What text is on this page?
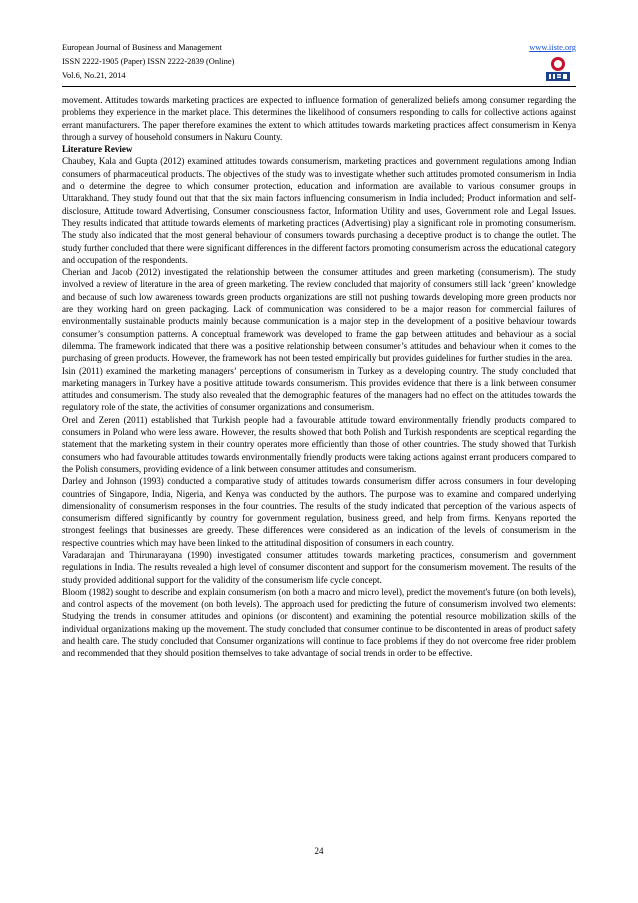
European Journal of Business and Management
ISSN 2222-1905 (Paper) ISSN 2222-2839 (Online)
Vol.6, No.21, 2014
www.iiste.org

movement. Attitudes towards marketing practices are expected to influence formation of generalized beliefs among consumer regarding the problems they experience in the market place. This determines the likelihood of consumers responding to calls for collective actions against errant manufacturers. The paper therefore examines the extent to which attitudes towards marketing practices affect consumerism in Kenya through a survey of household consumers in Nakuru County.

Literature Review

Chaubey, Kala and Gupta (2012) examined attitudes towards consumerism, marketing practices and government regulations among Indian consumers of pharmaceutical products. The objectives of the study was to investigate whether such attitudes promoted consumerism in India and o determine the degree to which consumer protection, education and information are available to various consumer groups in Uttarakhand. They study found out that that the six main factors influencing consumerism in India included; Product information and self-disclosure, Attitude toward Advertising, Consumer consciousness factor, Information Utility and uses, Government role and Legal Issues. They results indicated that attitude towards elements of marketing practices (Advertising) play a significant role in promoting consumerism. The study also indicated that the most general behaviour of consumers towards purchasing a deceptive product is to change the outlet. The study further concluded that there were significant differences in the different factors promoting consumerism across the educational category and occupation of the respondents.

Cherian and Jacob (2012) investigated the relationship between the consumer attitudes and green marketing (consumerism). The study involved a review of literature in the area of green marketing. The review concluded that majority of consumers still lack ‘green’ knowledge and because of such low awareness towards green products organizations are still not pushing towards developing more green products nor are they working hard on green packaging. Lack of communication was considered to be a major reason for commercial failures of environmentally sustainable products mainly because communication is a major step in the development of a positive behaviour towards consumer’s consumption patterns. A conceptual framework was developed to frame the gap between attitudes and behaviour as a social dilemma. The framework indicated that there was a positive relationship between consumer’s attitudes and behaviour when it comes to the purchasing of green products. However, the framework has not been tested empirically but provides guidelines for further studies in the area.

Isin (2011) examined the marketing managers’ perceptions of consumerism in Turkey as a developing country. The study concluded that marketing managers in Turkey have a positive attitude towards consumerism. This provides evidence that there is a link between consumer attitudes and consumerism. The study also revealed that the demographic features of the managers had no effect on the attitudes towards the regulatory role of the state, the activities of consumer organizations and consumerism.

Orel and Zeren (2011) established that Turkish people had a favourable attitude toward environmentally friendly products compared to consumers in Poland who were less aware. However, the results showed that both Polish and Turkish respondents are sceptical regarding the statement that the marketing system in their country operates more efficiently than those of other countries. The study showed that Turkish consumers who had favourable attitudes towards environmentally friendly products were taking actions against errant producers compared to the Polish consumers, providing evidence of a link between consumer attitudes and consumerism.

Darley and Johnson (1993) conducted a comparative study of attitudes towards consumerism differ across consumers in four developing countries of Singapore, India, Nigeria, and Kenya was conducted by the authors. The purpose was to examine and compared underlying dimensionality of consumerism responses in the four countries. The results of the study indicated that perception of the various aspects of consumerism differed significantly by country for government regulation, business greed, and help from firms. Kenyans reported the strongest feelings that businesses are greedy. These differences were considered as an indication of the levels of consumerism in the respective countries which may have been linked to the attitudinal disposition of consumers in each country.

Varadarajan and Thirunarayana (1990) investigated consumer attitudes towards marketing practices, consumerism and government regulations in India. The results revealed a high level of consumer discontent and support for the consumerism movement. The results of the study provided additional support for the validity of the consumerism life cycle concept.

Bloom (1982) sought to describe and explain consumerism (on both a macro and micro level), predict the movement's future (on both levels), and control aspects of the movement (on both levels). The approach used for predicting the future of consumerism involved two elements: Studying the trends in consumer attitudes and opinions (or discontent) and examining the potential resource mobilization skills of the individual organizations making up the movement. The study concluded that consumer continue to be discontented in areas of product safety and health care. The study concluded that Consumer organizations will continue to face problems if they do not overcome free rider problem and recommended that they should position themselves to take advantage of social trends in order to be effective.

24
